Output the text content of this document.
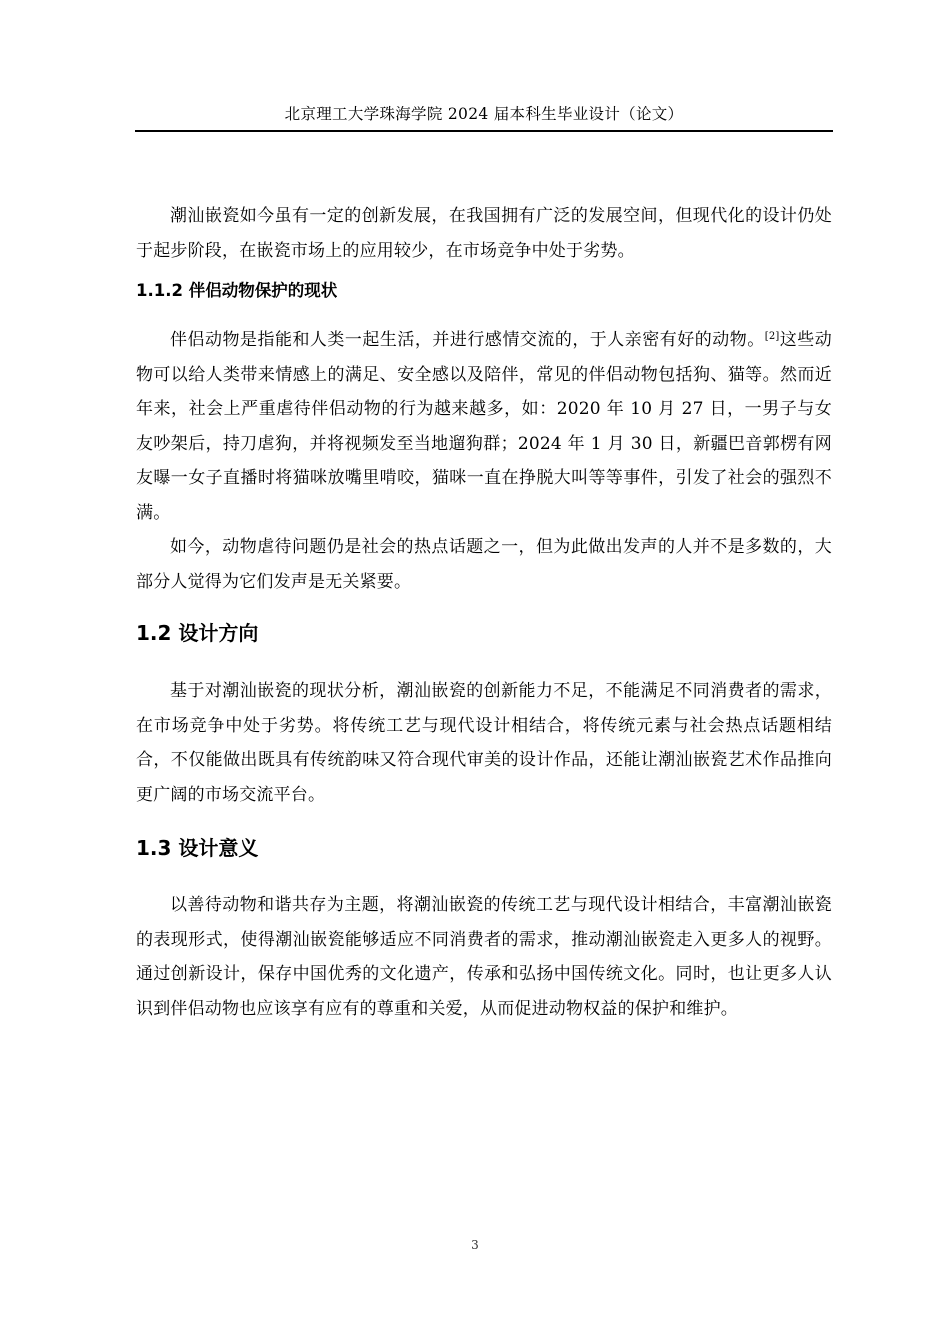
北京理工大学珠海学院 2024 届本科生毕业设计（论文）

潮汕嵌瓷如今虽有一定的创新发展，在我国拥有广泛的发展空间，但现代化的设计仍处于起步阶段，在嵌瓷市场上的应用较少，在市场竞争中处于劣势。

1.1.2 伴侣动物保护的现状

伴侣动物是指能和人类一起生活，并进行感情交流的，于人亲密有好的动物。[2]这些动物可以给人类带来情感上的满足、安全感以及陪伴，常见的伴侣动物包括狗、猫等。然而近年来，社会上严重虐待伴侣动物的行为越来越多，如：2020 年 10 月 27 日，一男子与女友吵架后，持刀虐狗，并将视频发至当地遛狗群；2024 年 1 月 30 日，新疆巴音郭楞有网友曝一女子直播时将猫咪放嘴里啃咬，猫咪一直在挣脱大叫等等事件，引发了社会的强烈不满。

如今，动物虐待问题仍是社会的热点话题之一，但为此做出发声的人并不是多数的，大部分人觉得为它们发声是无关紧要。

1.2 设计方向

基于对潮汕嵌瓷的现状分析，潮汕嵌瓷的创新能力不足，不能满足不同消费者的需求，在市场竞争中处于劣势。将传统工艺与现代设计相结合，将传统元素与社会热点话题相结合，不仅能做出既具有传统韵味又符合现代审美的设计作品，还能让潮汕嵌瓷艺术作品推向更广阔的市场交流平台。

1.3 设计意义

以善待动物和谐共存为主题，将潮汕嵌瓷的传统工艺与现代设计相结合，丰富潮汕嵌瓷的表现形式，使得潮汕嵌瓷能够适应不同消费者的需求，推动潮汕嵌瓷走入更多人的视野。通过创新设计，保存中国优秀的文化遗产，传承和弘扬中国传统文化。同时，也让更多人认识到伴侣动物也应该享有应有的尊重和关爱，从而促进动物权益的保护和维护。

3
